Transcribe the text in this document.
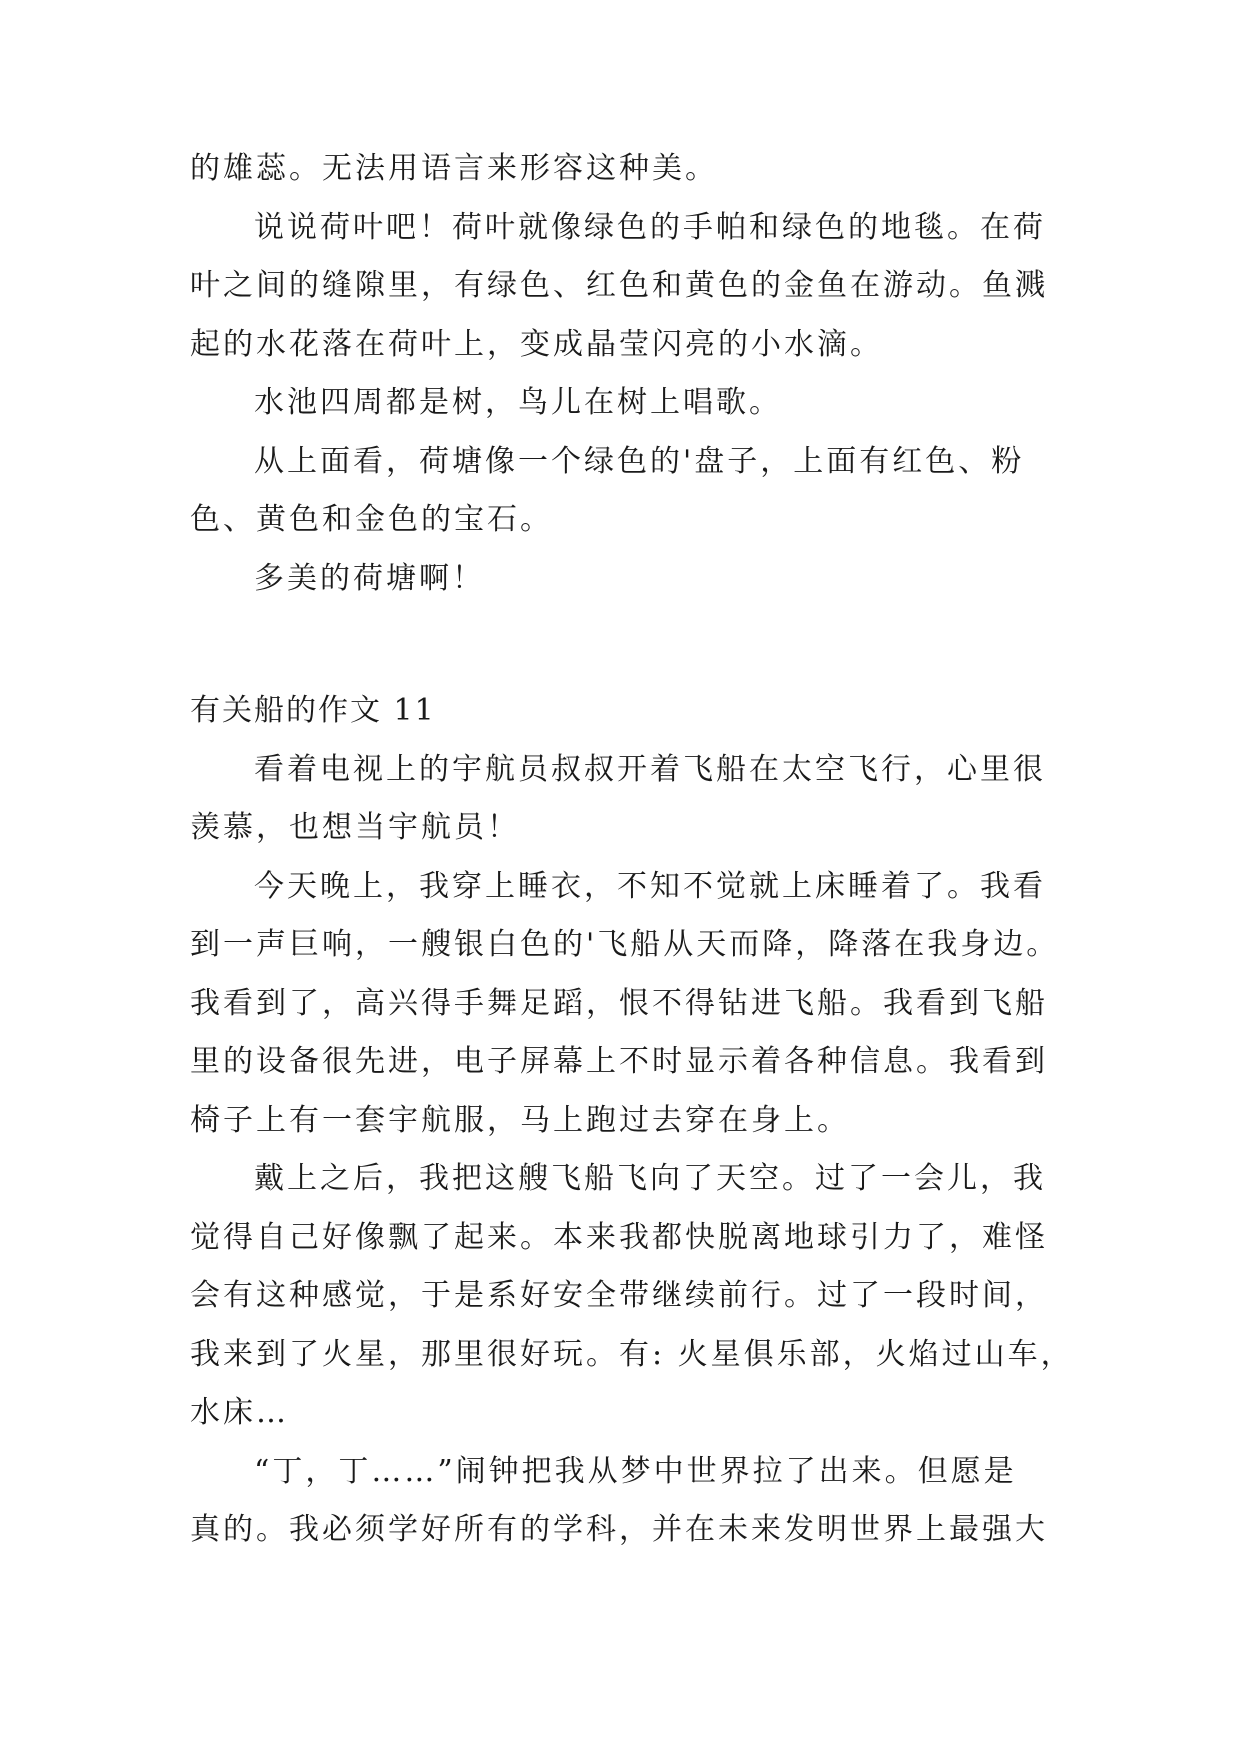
的雄蕊。无法用语言来形容这种美。
说说荷叶吧！荷叶就像绿色的手帕和绿色的地毯。在荷
叶之间的缝隙里，有绿色、红色和黄色的金鱼在游动。鱼溅
起的水花落在荷叶上，变成晶莹闪亮的小水滴。
水池四周都是树，鸟儿在树上唱歌。
从上面看，荷塘像一个绿色的'盘子，上面有红色、粉
色、黄色和金色的宝石。
多美的荷塘啊！
有关船的作文 11
看着电视上的宇航员叔叔开着飞船在太空飞行，心里很
羡慕，也想当宇航员！
今天晚上，我穿上睡衣，不知不觉就上床睡着了。我看
到一声巨响，一艘银白色的'飞船从天而降，降落在我身边。
我看到了，高兴得手舞足蹈，恨不得钻进飞船。我看到飞船
里的设备很先进，电子屏幕上不时显示着各种信息。我看到
椅子上有一套宇航服，马上跑过去穿在身上。
戴上之后，我把这艘飞船飞向了天空。过了一会儿，我
觉得自己好像飘了起来。本来我都快脱离地球引力了，难怪
会有这种感觉，于是系好安全带继续前行。过了一段时间，
我来到了火星，那里很好玩。有: 火星俱乐部，火焰过山车，
水床…
“丁，丁……”闹钟把我从梦中世界拉了出来。但愿是
真的。我必须学好所有的学科，并在未来发明世界上最强大
